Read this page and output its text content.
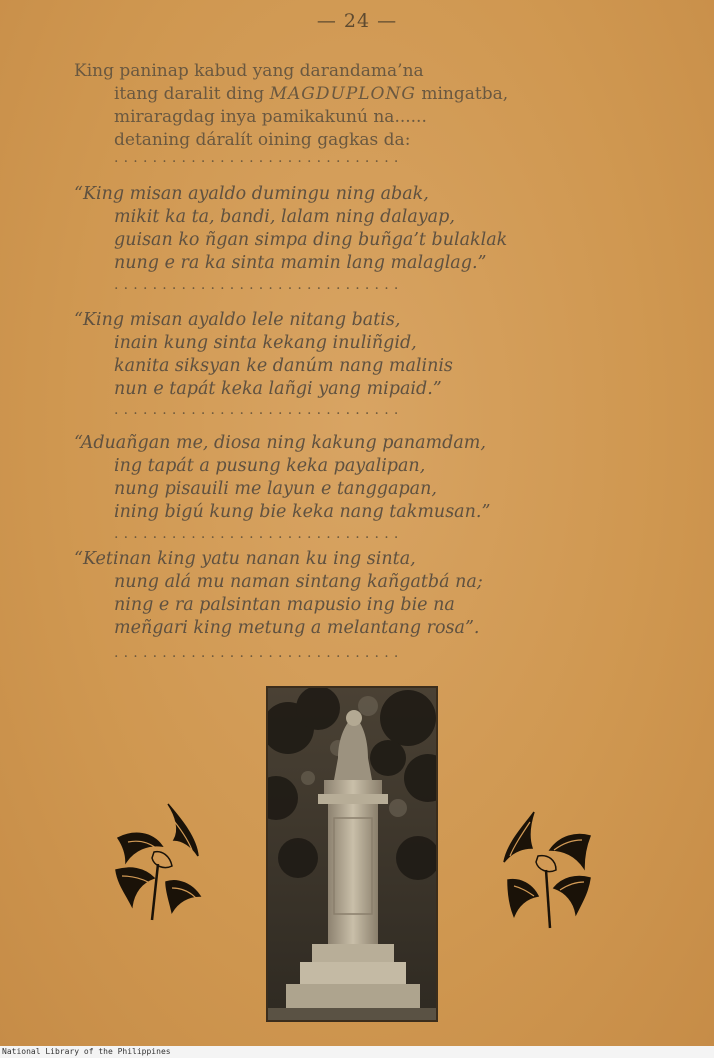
— 24 —
King paninap kabud yang darandama’na
itang daralit ding MAGDUPLONG mingatba,
miraragdag inya pamikakunú na......
detaning dáralít oining gagkas da:
..............................
“King misan ayaldo dumingu ning abak,
mikit ka ta, bandi, lalam ning dalayap,
guisan ko ñgan simpa ding buñga’t bulaklak
nung e ra ka sinta mamin lang malaglag.”
..............................
“King misan ayaldo lele nitang batis,
inain kung sinta kekang inuliñgid,
kanita siksyan ke danúm nang malinis
nun e tapát keka lañgi yang mipaid.”
..............................
“Aduañgan me, diosa ning kakung panamdam,
ing tapát a pusung keka payalipan,
nung pisauili me layun e tanggapan,
ining bigú kung bie keka nang takmusan.”
..............................
“Ketinan king yatu nanan ku ing sinta,
nung alá mu naman sintang kañgatbá na;
ning e ra palsintan mapusio ing bie na
meñgari king metung a melantang rosa”.
..............................
National Library of the Philippines
